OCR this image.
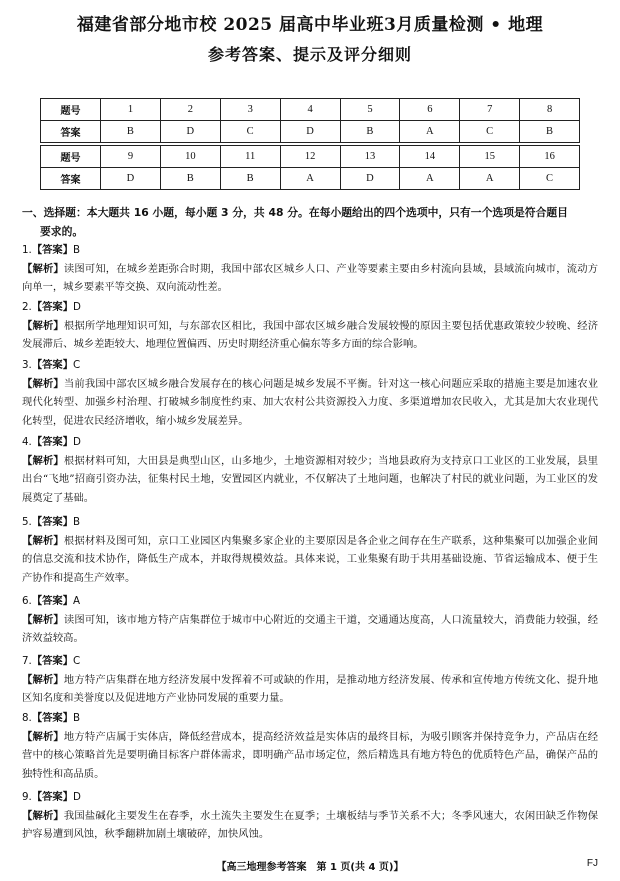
福建省部分地市校 2025 届高中毕业班3月质量检测 • 地理
参考答案、提示及评分细则
题号	1	2	3	4	5	6	7	8
答案	B	D	C	D	B	A	C	B

题号	9	10	11	12	13	14	15	16
答案	D	B	B	A	D	A	A	C
一、选择题：本大题共 16 小题，每小题 3 分，共 48 分。在每小题给出的四个选项中，只有一个选项是符合题目
要求的。
1.【答案】B
【解析】读图可知，在城乡差距弥合时期，我国中部农区城乡人口、产业等要素主要由乡村流向县域，县域流向城市，流动方向单一，城乡要素平等交换、双向流动性差。
2.【答案】D
【解析】根据所学地理知识可知，与东部农区相比，我国中部农区城乡融合发展较慢的原因主要包括优惠政策较少较晚、经济发展滞后、城乡差距较大、地理位置偏西、历史时期经济重心偏东等多方面的综合影响。
3.【答案】C
【解析】当前我国中部农区城乡融合发展存在的核心问题是城乡发展不平衡。针对这一核心问题应采取的措施主要是加速农业现代化转型、加强乡村治理、打破城乡制度性约束、加大农村公共资源投入力度、多渠道增加农民收入，尤其是加大农业现代化转型，促进农民经济增收，缩小城乡发展差异。
4.【答案】D
【解析】根据材料可知，大田县是典型山区，山多地少，土地资源相对较少；当地县政府为支持京口工业区的工业发展，县里出台“飞地”招商引资办法，征集村民土地，安置园区内就业，不仅解决了土地问题，也解决了村民的就业问题，为工业区的发展奠定了基础。
5.【答案】B
【解析】根据材料及图可知，京口工业园区内集聚多家企业的主要原因是各企业之间存在生产联系，这种集聚可以加强企业间的信息交流和技术协作，降低生产成本，并取得规模效益。具体来说，工业集聚有助于共用基础设施、节省运输成本、便于生产协作和提高生产效率。
6.【答案】A
【解析】读图可知，该市地方特产店集群位于城市中心附近的交通主干道，交通通达度高，人口流量较大，消费能力较强，经济效益较高。
7.【答案】C
【解析】地方特产店集群在地方经济发展中发挥着不可或缺的作用，是推动地方经济发展、传承和宣传地方传统文化、提升地区知名度和美誉度以及促进地方产业协同发展的重要力量。
8.【答案】B
【解析】地方特产店属于实体店，降低经营成本，提高经济效益是实体店的最终目标，为吸引顾客并保持竞争力，产品店在经营中的核心策略首先是要明确目标客户群体需求，即明确产品市场定位，然后精选具有地方特色的优质特色产品，确保产品的独特性和高品质。
9.【答案】D
【解析】我国盐碱化主要发生在春季，水土流失主要发生在夏季；土壤板结与季节关系不大；冬季风速大，农闲田缺乏作物保护容易遭到风蚀，秋季翻耕加剧土壤破碎，加快风蚀。
【高三地理参考答案　第 1 页(共 4 页)】	FJ
